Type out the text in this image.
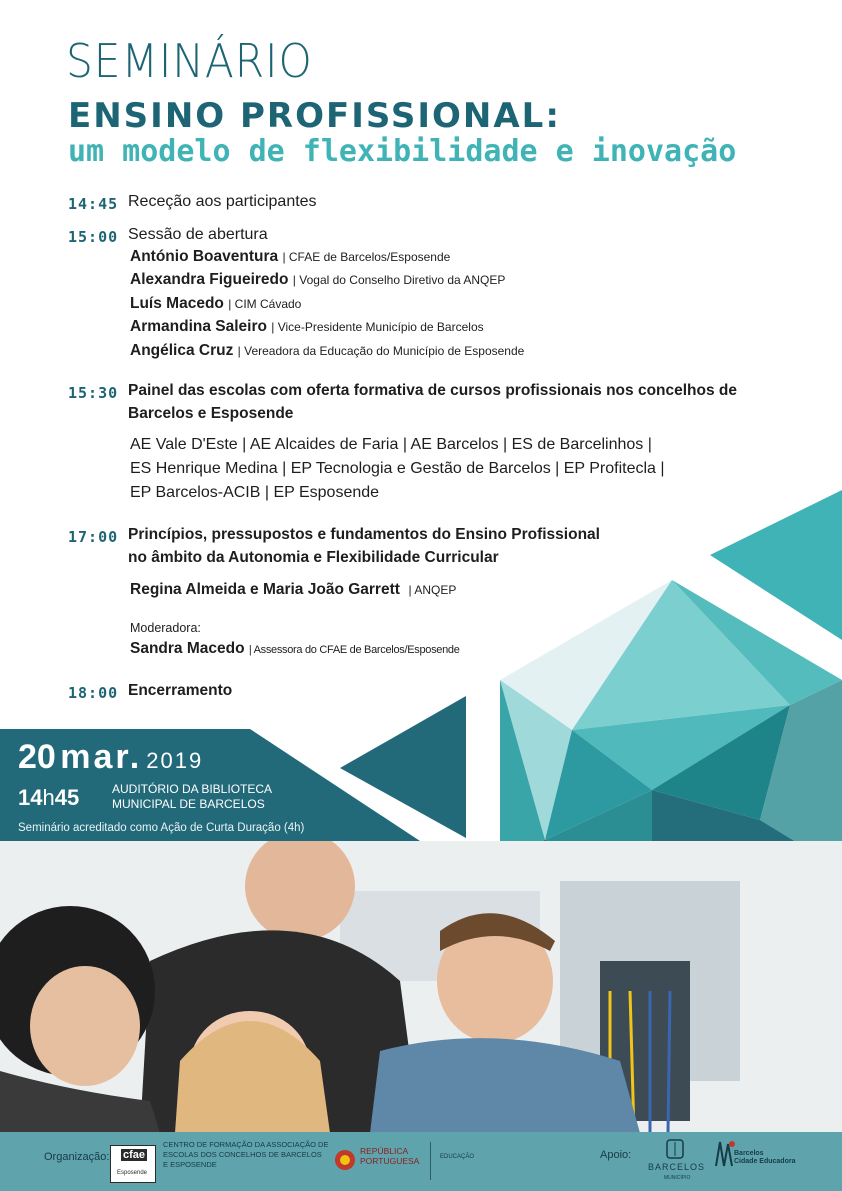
SEMINÁRIO
ENSINO PROFISSIONAL:
um modelo de flexibilidade e inovação
14:45 Receção aos participantes
15:00 Sessão de abertura
António Boaventura | CFAE de Barcelos/Esposende
Alexandra Figueiredo | Vogal do Conselho Diretivo da ANQEP
Luís Macedo | CIM Cávado
Armandina Saleiro | Vice-Presidente Município de Barcelos
Angélica Cruz | Vereadora da Educação do Município de Esposende
15:30 Painel das escolas com oferta formativa de cursos profissionais nos concelhos de
Barcelos e Esposende
AE Vale D'Este | AE Alcaides de Faria | AE Barcelos | ES de Barcelinhos |
ES Henrique Medina | EP Tecnologia e Gestão de Barcelos | EP Profitecla |
EP Barcelos-ACIB | EP Esposende
17:00 Princípios, pressupostos e fundamentos do Ensino Profissional
no âmbito da Autonomia e Flexibilidade Curricular
Regina Almeida e Maria João Garrett | ANQEP
Moderadora:
Sandra Macedo | Assessora do CFAE de Barcelos/Esposende
18:00 Encerramento
20 mar. 2019
14h45	AUDITÓRIO DA BIBLIOTECA
MUNICIPAL DE BARCELOS
Seminário acreditado como Ação de Curta Duração (4h)
Organização: cfae
Esposende
CENTRO DE FORMAÇÃO DA ASSOCIAÇÃO DE
ESCOLAS DOS CONCELHOS DE BARCELOS
E ESPOSENDE
REPÚBLICA
PORTUGUESA	EDUCAÇÃO	Apoio:
BARCELOS
MUNICÍPIO
Barcelos
Cidade Educadora
